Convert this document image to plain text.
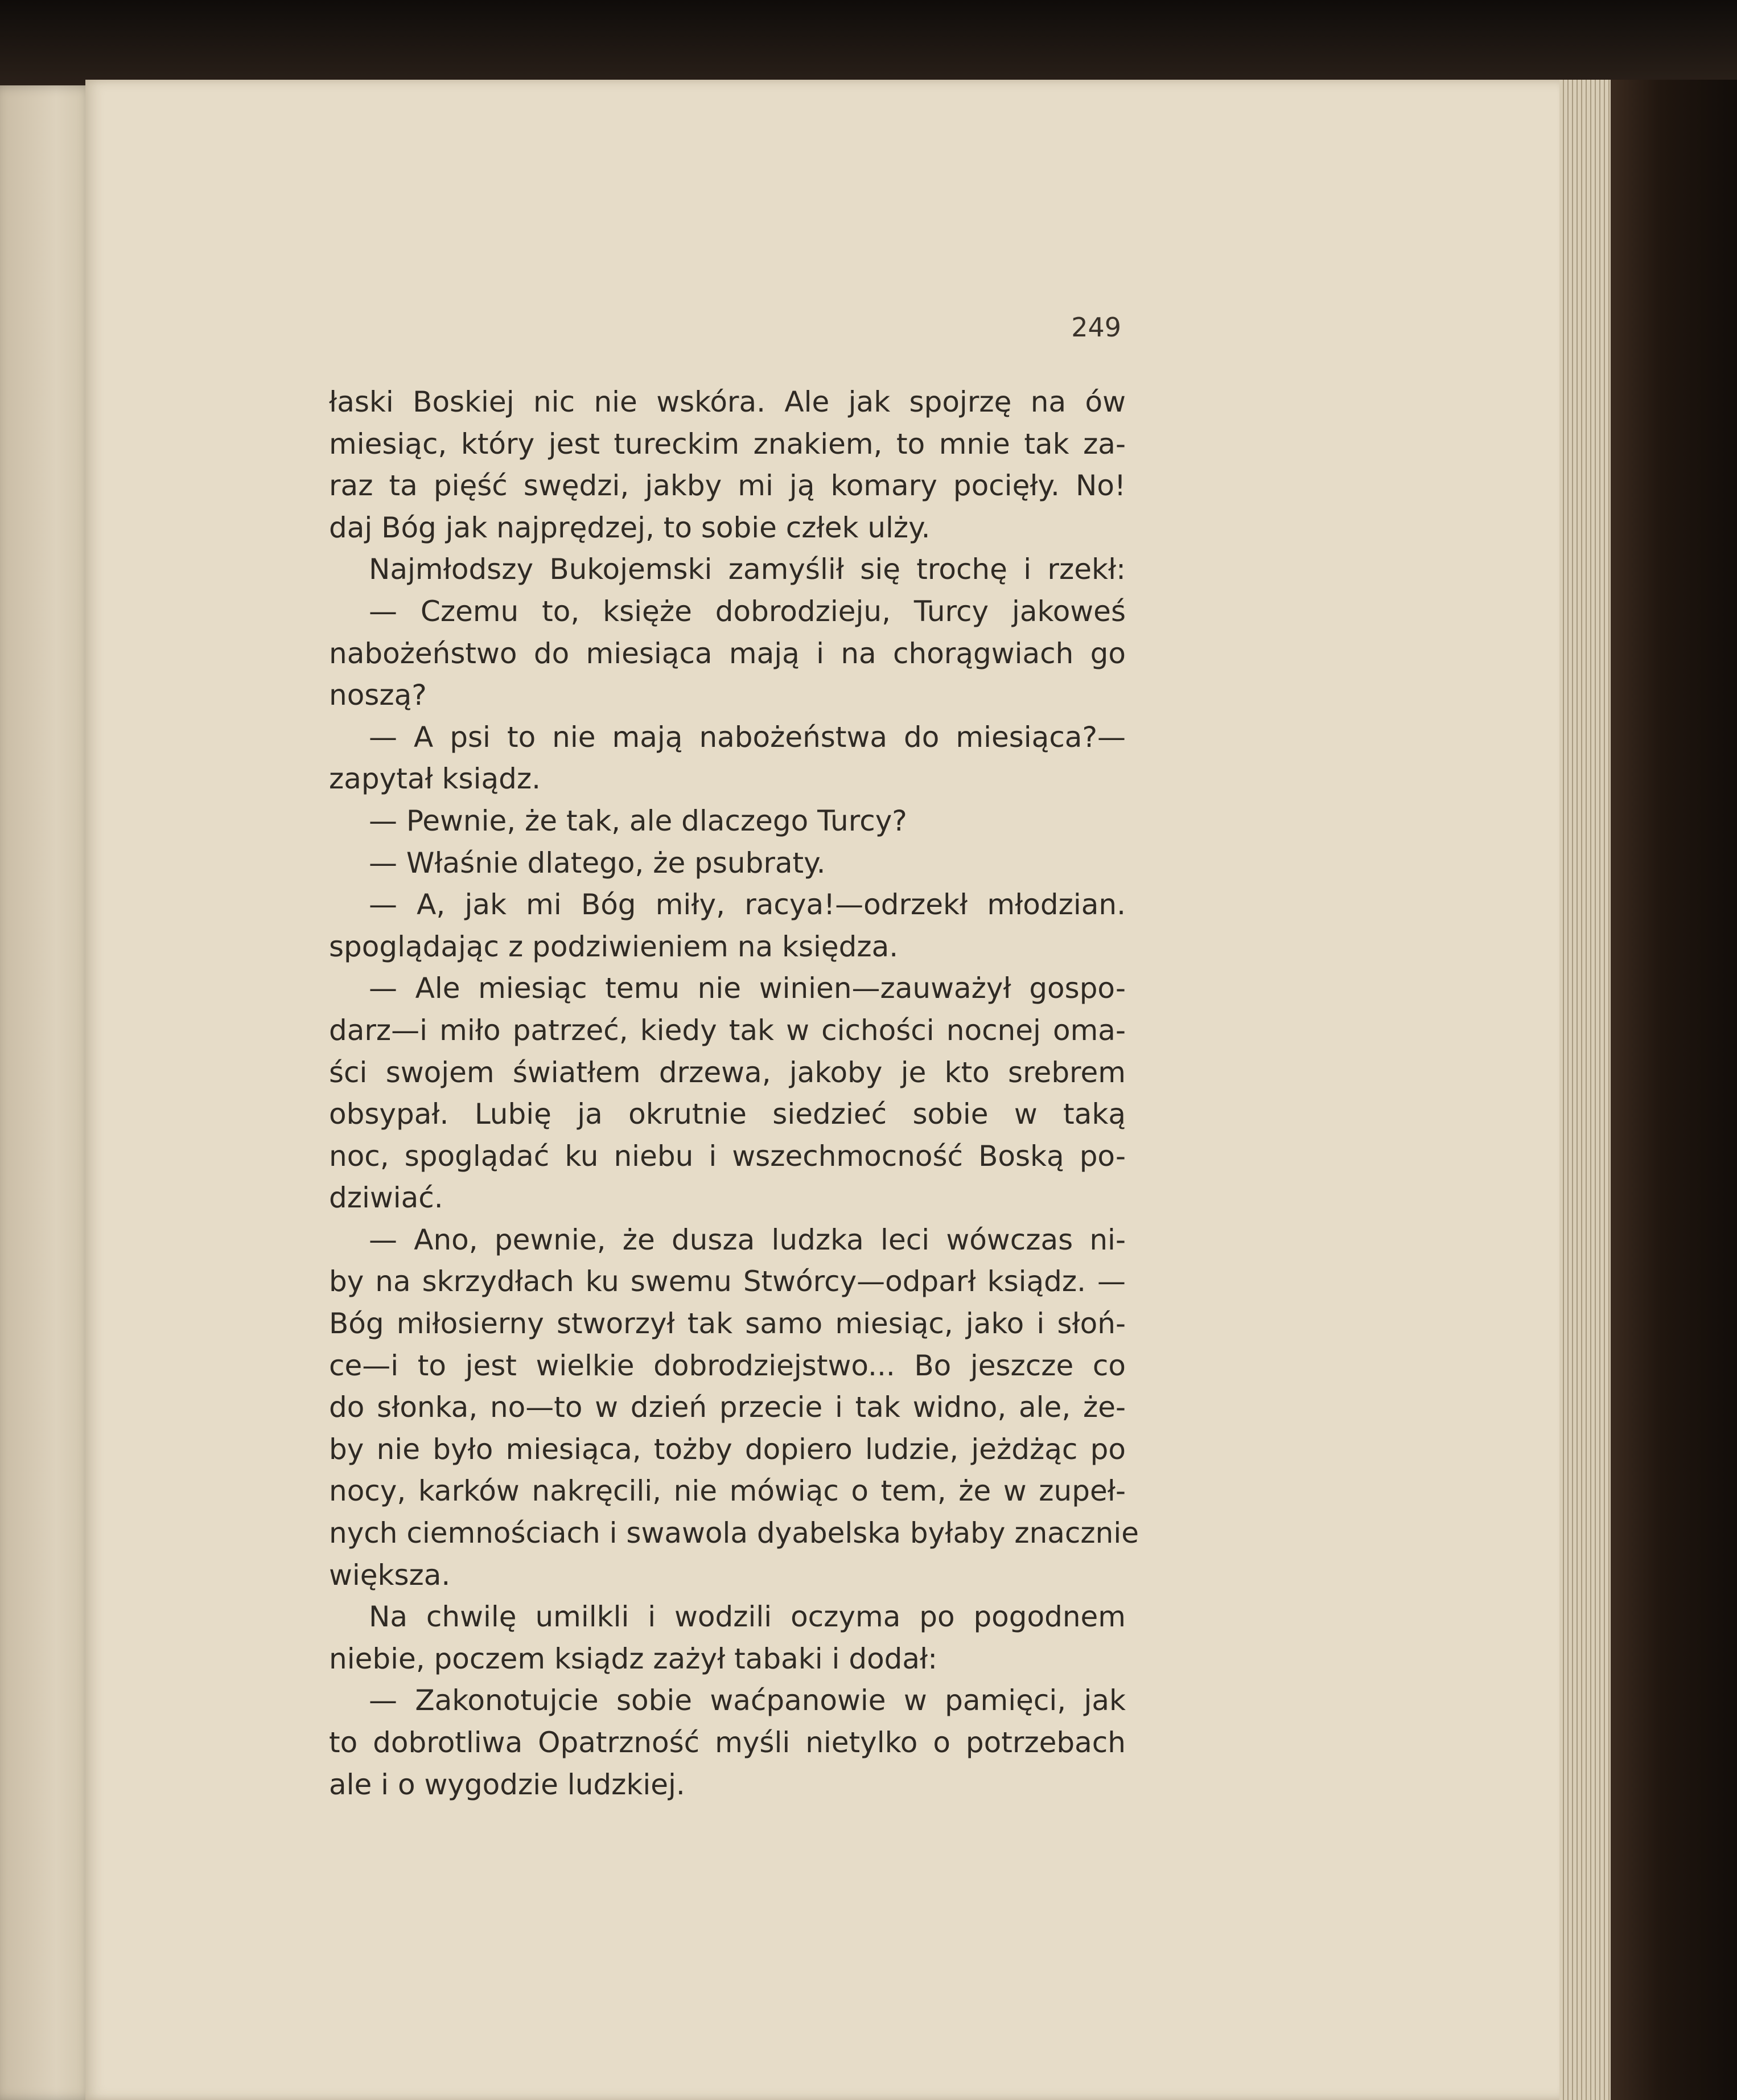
249
łaski Boskiej nic nie wskóra. Ale jak spojrzę na ów
miesiąc, który jest tureckim znakiem, to mnie tak za-
raz ta pięść swędzi, jakby mi ją komary pocięły. No!
daj Bóg jak najprędzej, to sobie człek ulży.
Najmłodszy Bukojemski zamyślił się trochę i rzekł:
— Czemu to, księże dobrodzieju, Turcy jakoweś
nabożeństwo do miesiąca mają i na chorągwiach go
noszą?
— A psi to nie mają nabożeństwa do miesiąca?—
zapytał ksiądz.
— Pewnie, że tak, ale dlaczego Turcy?
— Właśnie dlatego, że psubraty.
— A, jak mi Bóg miły, racya!—odrzekł młodzian.
spoglądając z podziwieniem na księdza.
— Ale miesiąc temu nie winien—zauważył gospo-
darz—i miło patrzeć, kiedy tak w cichości nocnej oma-
ści swojem światłem drzewa, jakoby je kto srebrem
obsypał. Lubię ja okrutnie siedzieć sobie w taką
noc, spoglądać ku niebu i wszechmocność Boską po-
dziwiać.
— Ano, pewnie, że dusza ludzka leci wówczas ni-
by na skrzydłach ku swemu Stwórcy—odparł ksiądz. —
Bóg miłosierny stworzył tak samo miesiąc, jako i słoń-
ce—i to jest wielkie dobrodziejstwo... Bo jeszcze co
do słonka, no—to w dzień przecie i tak widno, ale, że-
by nie było miesiąca, tożby dopiero ludzie, jeżdżąc po
nocy, karków nakręcili, nie mówiąc o tem, że w zupeł-
nych ciemnościach i swawola dyabelska byłaby znacznie
większa.
Na chwilę umilkli i wodzili oczyma po pogodnem
niebie, poczem ksiądz zażył tabaki i dodał:
— Zakonotujcie sobie waćpanowie w pamięci, jak
to dobrotliwa Opatrzność myśli nietylko o potrzebach
ale i o wygodzie ludzkiej.
